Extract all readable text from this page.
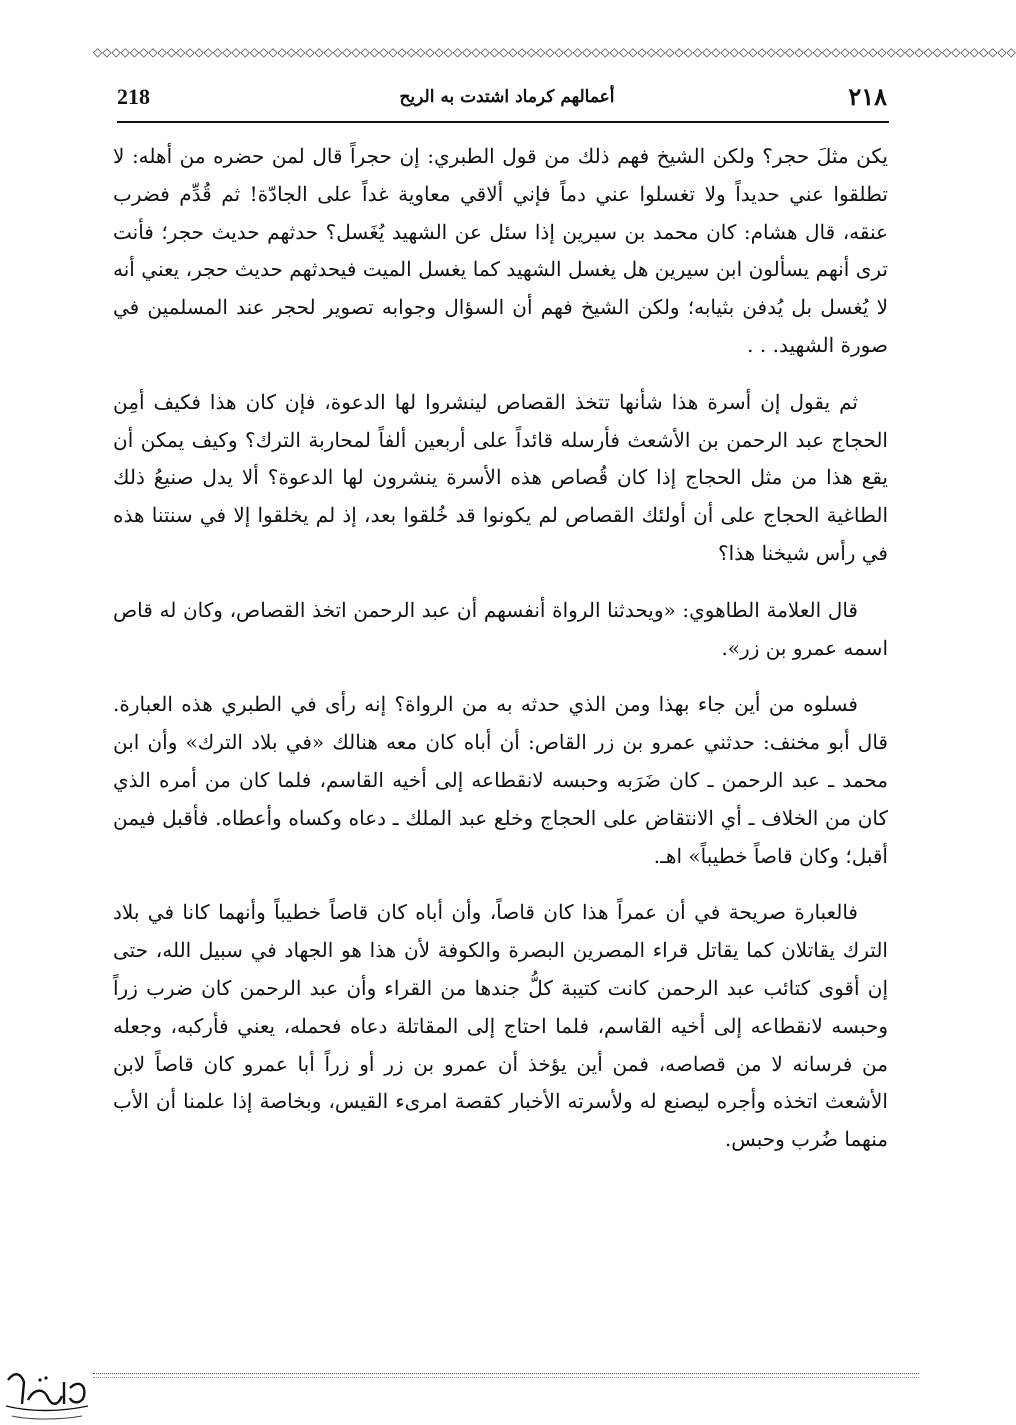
◇◇◇◇◇◇◇◇◇◇◇◇◇◇◇◇◇◇◇◇◇◇◇◇◇◇◇◇◇◇◇◇◇◇◇◇◇◇◇◇◇◇◇◇◇◇◇◇◇◇◇◇◇◇◇◇◇◇◇◇◇◇◇◇◇◇◇◇◇◇◇◇◇◇◇◇◇◇◇◇◇◇◇◇◇◇◇◇◇◇◇◇◇◇◇◇◇◇◇◇
218	أعمالهم كرماد اشتدت به الريح	٢١٨

يكن مثلَ حجر؟ ولكن الشيخ فهم ذلك من قول الطبري: إن حجراً قال لمن حضره من أهله: لا تطلقوا عني حديداً ولا تغسلوا عني دماً فإني ألاقي معاوية غداً على الجادّة! ثم قُدِّم فضرب عنقه، قال هشام: كان محمد بن سيرين إذا سئل عن الشهيد يُغَسل؟ حدثهم حديث حجر؛ فأنت ترى أنهم يسألون ابن سيرين هل يغسل الشهيد كما يغسل الميت فيحدثهم حديث حجر، يعني أنه لا يُغسل بل يُدفن بثيابه؛ ولكن الشيخ فهم أن السؤال وجوابه تصوير لحجر عند المسلمين في صورة الشهيد. . .

ثم يقول إن أسرة هذا شأنها تتخذ القصاص لينشروا لها الدعوة، فإن كان هذا فكيف أمِن الحجاج عبد الرحمن بن الأشعث فأرسله قائداً على أربعين ألفاً لمحاربة الترك؟ وكيف يمكن أن يقع هذا من مثل الحجاج إذا كان قُصاص هذه الأسرة ينشرون لها الدعوة؟ ألا يدل صنيعُ ذلك الطاغية الحجاج على أن أولئك القصاص لم يكونوا قد خُلقوا بعد، إذ لم يخلقوا إلا في سنتنا هذه في رأس شيخنا هذا؟

قال العلامة الطاهوي: «ويحدثنا الرواة أنفسهم أن عبد الرحمن اتخذ القصاص، وكان له قاص اسمه عمرو بن زر».

فسلوه من أين جاء بهذا ومن الذي حدثه به من الرواة؟ إنه رأى في الطبري هذه العبارة. قال أبو مخنف: حدثني عمرو بن زر القاص: أن أباه كان معه هنالك «في بلاد الترك» وأن ابن محمد ـ عبد الرحمن ـ كان ضَرَبه وحبسه لانقطاعه إلى أخيه القاسم، فلما كان من أمره الذي كان من الخلاف ـ أي الانتقاض على الحجاج وخلع عبد الملك ـ دعاه وكساه وأعطاه. فأقبل فيمن أقبل؛ وكان قاصاً خطيباً» اهـ.

فالعبارة صريحة في أن عمراً هذا كان قاصاً، وأن أباه كان قاصاً خطيباً وأنهما كانا في بلاد الترك يقاتلان كما يقاتل قراء المصرين البصرة والكوفة لأن هذا هو الجهاد في سبيل الله، حتى إن أقوى كتائب عبد الرحمن كانت كتيبة كلُّ جندها من القراء وأن عبد الرحمن كان ضرب زراً وحبسه لانقطاعه إلى أخيه القاسم، فلما احتاج إلى المقاتلة دعاه فحمله، يعني فأركبه، وجعله من فرسانه لا من قصاصه، فمن أين يؤخذ أن عمرو بن زر أو زراً أبا عمرو كان قاصاً لابن الأشعث اتخذه وأجره ليصنع له ولأسرته الأخبار كقصة امرىء القيس، وبخاصة إذا علمنا أن الأب منهما ضُرب وحبس.
